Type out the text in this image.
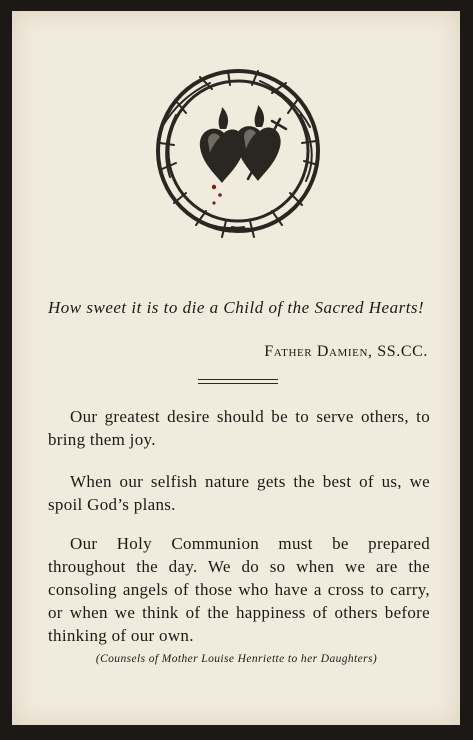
How sweet it is to die a Child of the Sacred Hearts!
Father Damien, SS.CC.
Our greatest desire should be to serve others, to bring them joy.
When our selfish nature gets the best of us, we spoil God’s plans.
Our Holy Communion must be prepared throughout the day. We do so when we are the consoling angels of those who have a cross to carry, or when we think of the happiness of others before thinking of our own.
(Counsels of Mother Louise Henriette to her Daughters)
